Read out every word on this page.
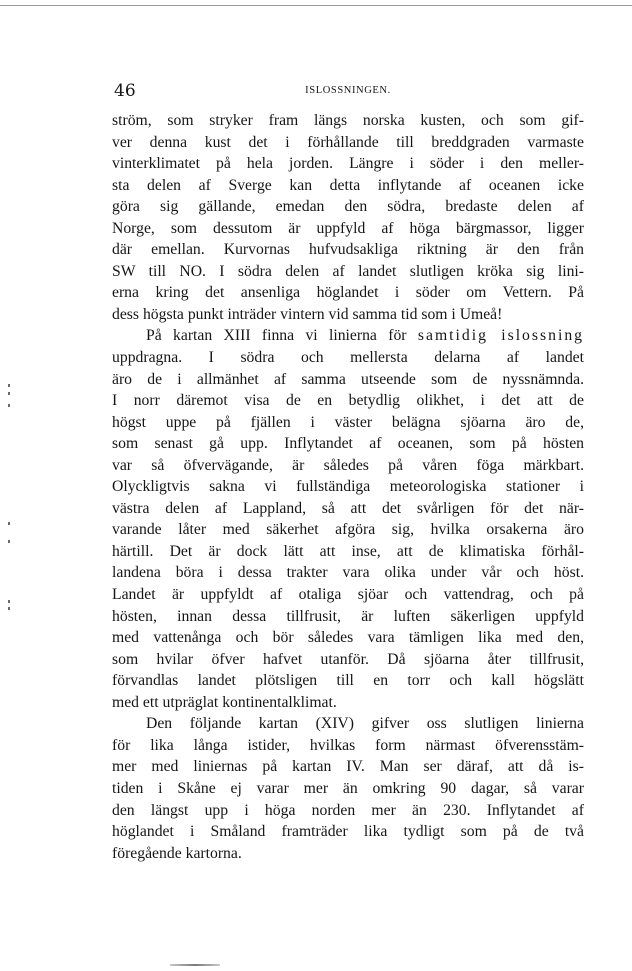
46	ISLOSSNINGEN.
ström, som stryker fram längs norska kusten, och som gif-
ver denna kust det i förhållande till breddgraden varmaste
vinterklimatet på hela jorden. Längre i söder i den meller-
sta delen af Sverge kan detta inflytande af oceanen icke
göra sig gällande, emedan den södra, bredaste delen af
Norge, som dessutom är uppfyld af höga bärgmassor, ligger
där emellan. Kurvornas hufvudsakliga riktning är den från
SW till NO. I södra delen af landet slutligen kröka sig lini-
erna kring det ansenliga höglandet i söder om Vettern. På
dess högsta punkt inträder vintern vid samma tid som i Umeå!
På kartan XIII finna vi linierna för samtidig islossning
uppdragna. I södra och mellersta delarna af landet
äro de i allmänhet af samma utseende som de nyssnämnda.
I norr däremot visa de en betydlig olikhet, i det att de
högst uppe på fjällen i väster belägna sjöarna äro de,
som senast gå upp. Inflytandet af oceanen, som på hösten
var så öfvervägande, är således på våren föga märkbart.
Olyckligtvis sakna vi fullständiga meteorologiska stationer i
västra delen af Lappland, så att det svårligen för det när-
varande låter med säkerhet afgöra sig, hvilka orsakerna äro
härtill. Det är dock lätt att inse, att de klimatiska förhål-
landena böra i dessa trakter vara olika under vår och höst.
Landet är uppfyldt af otaliga sjöar och vattendrag, och på
hösten, innan dessa tillfrusit, är luften säkerligen uppfyld
med vattenånga och bör således vara tämligen lika med den,
som hvilar öfver hafvet utanför. Då sjöarna åter tillfrusit,
förvandlas landet plötsligen till en torr och kall högslätt
med ett utpräglat kontinentalklimat.
Den följande kartan (XIV) gifver oss slutligen linierna
för lika långa istider, hvilkas form närmast öfverensstäm-
mer med liniernas på kartan IV. Man ser däraf, att då is-
tiden i Skåne ej varar mer än omkring 90 dagar, så varar
den längst upp i höga norden mer än 230. Inflytandet af
höglandet i Småland framträder lika tydligt som på de två
föregående kartorna.
